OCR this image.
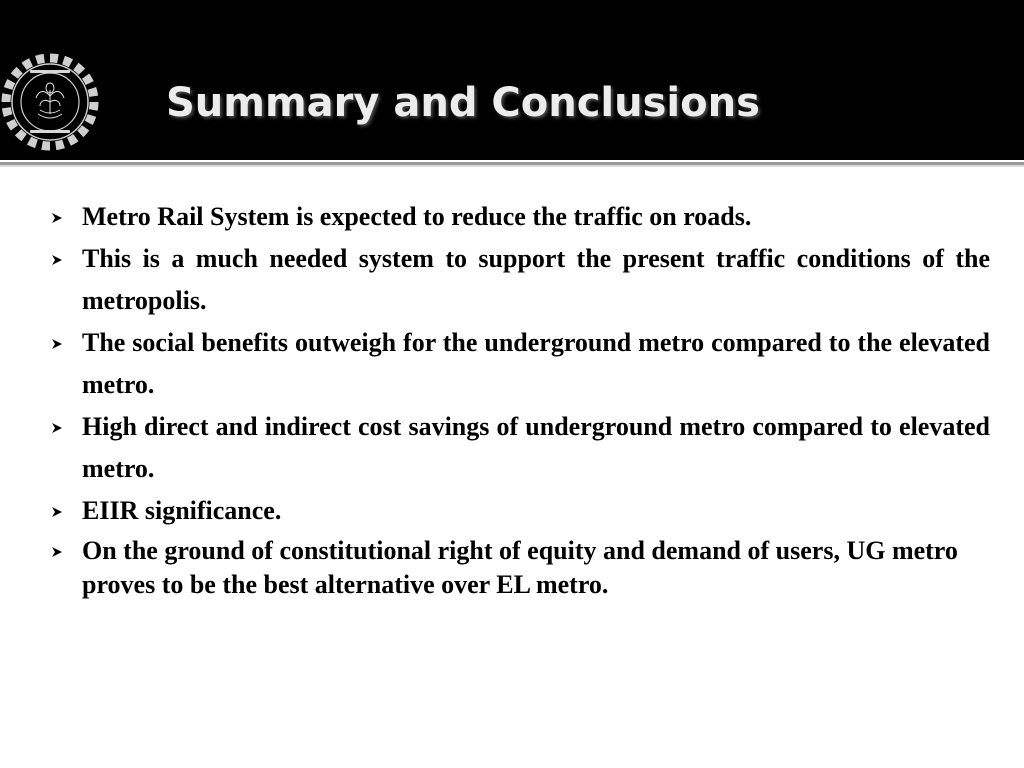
Summary and Conclusions
Metro Rail System is expected to reduce the traffic on roads.
This is a much needed system to support the present traffic conditions of the metropolis.
The social benefits outweigh for the underground metro compared to the elevated metro.
High direct and indirect cost savings of underground metro compared to elevated metro.
EIIR significance.
On the ground of constitutional right of equity and demand of users, UG metro proves to be the best alternative over EL metro.
